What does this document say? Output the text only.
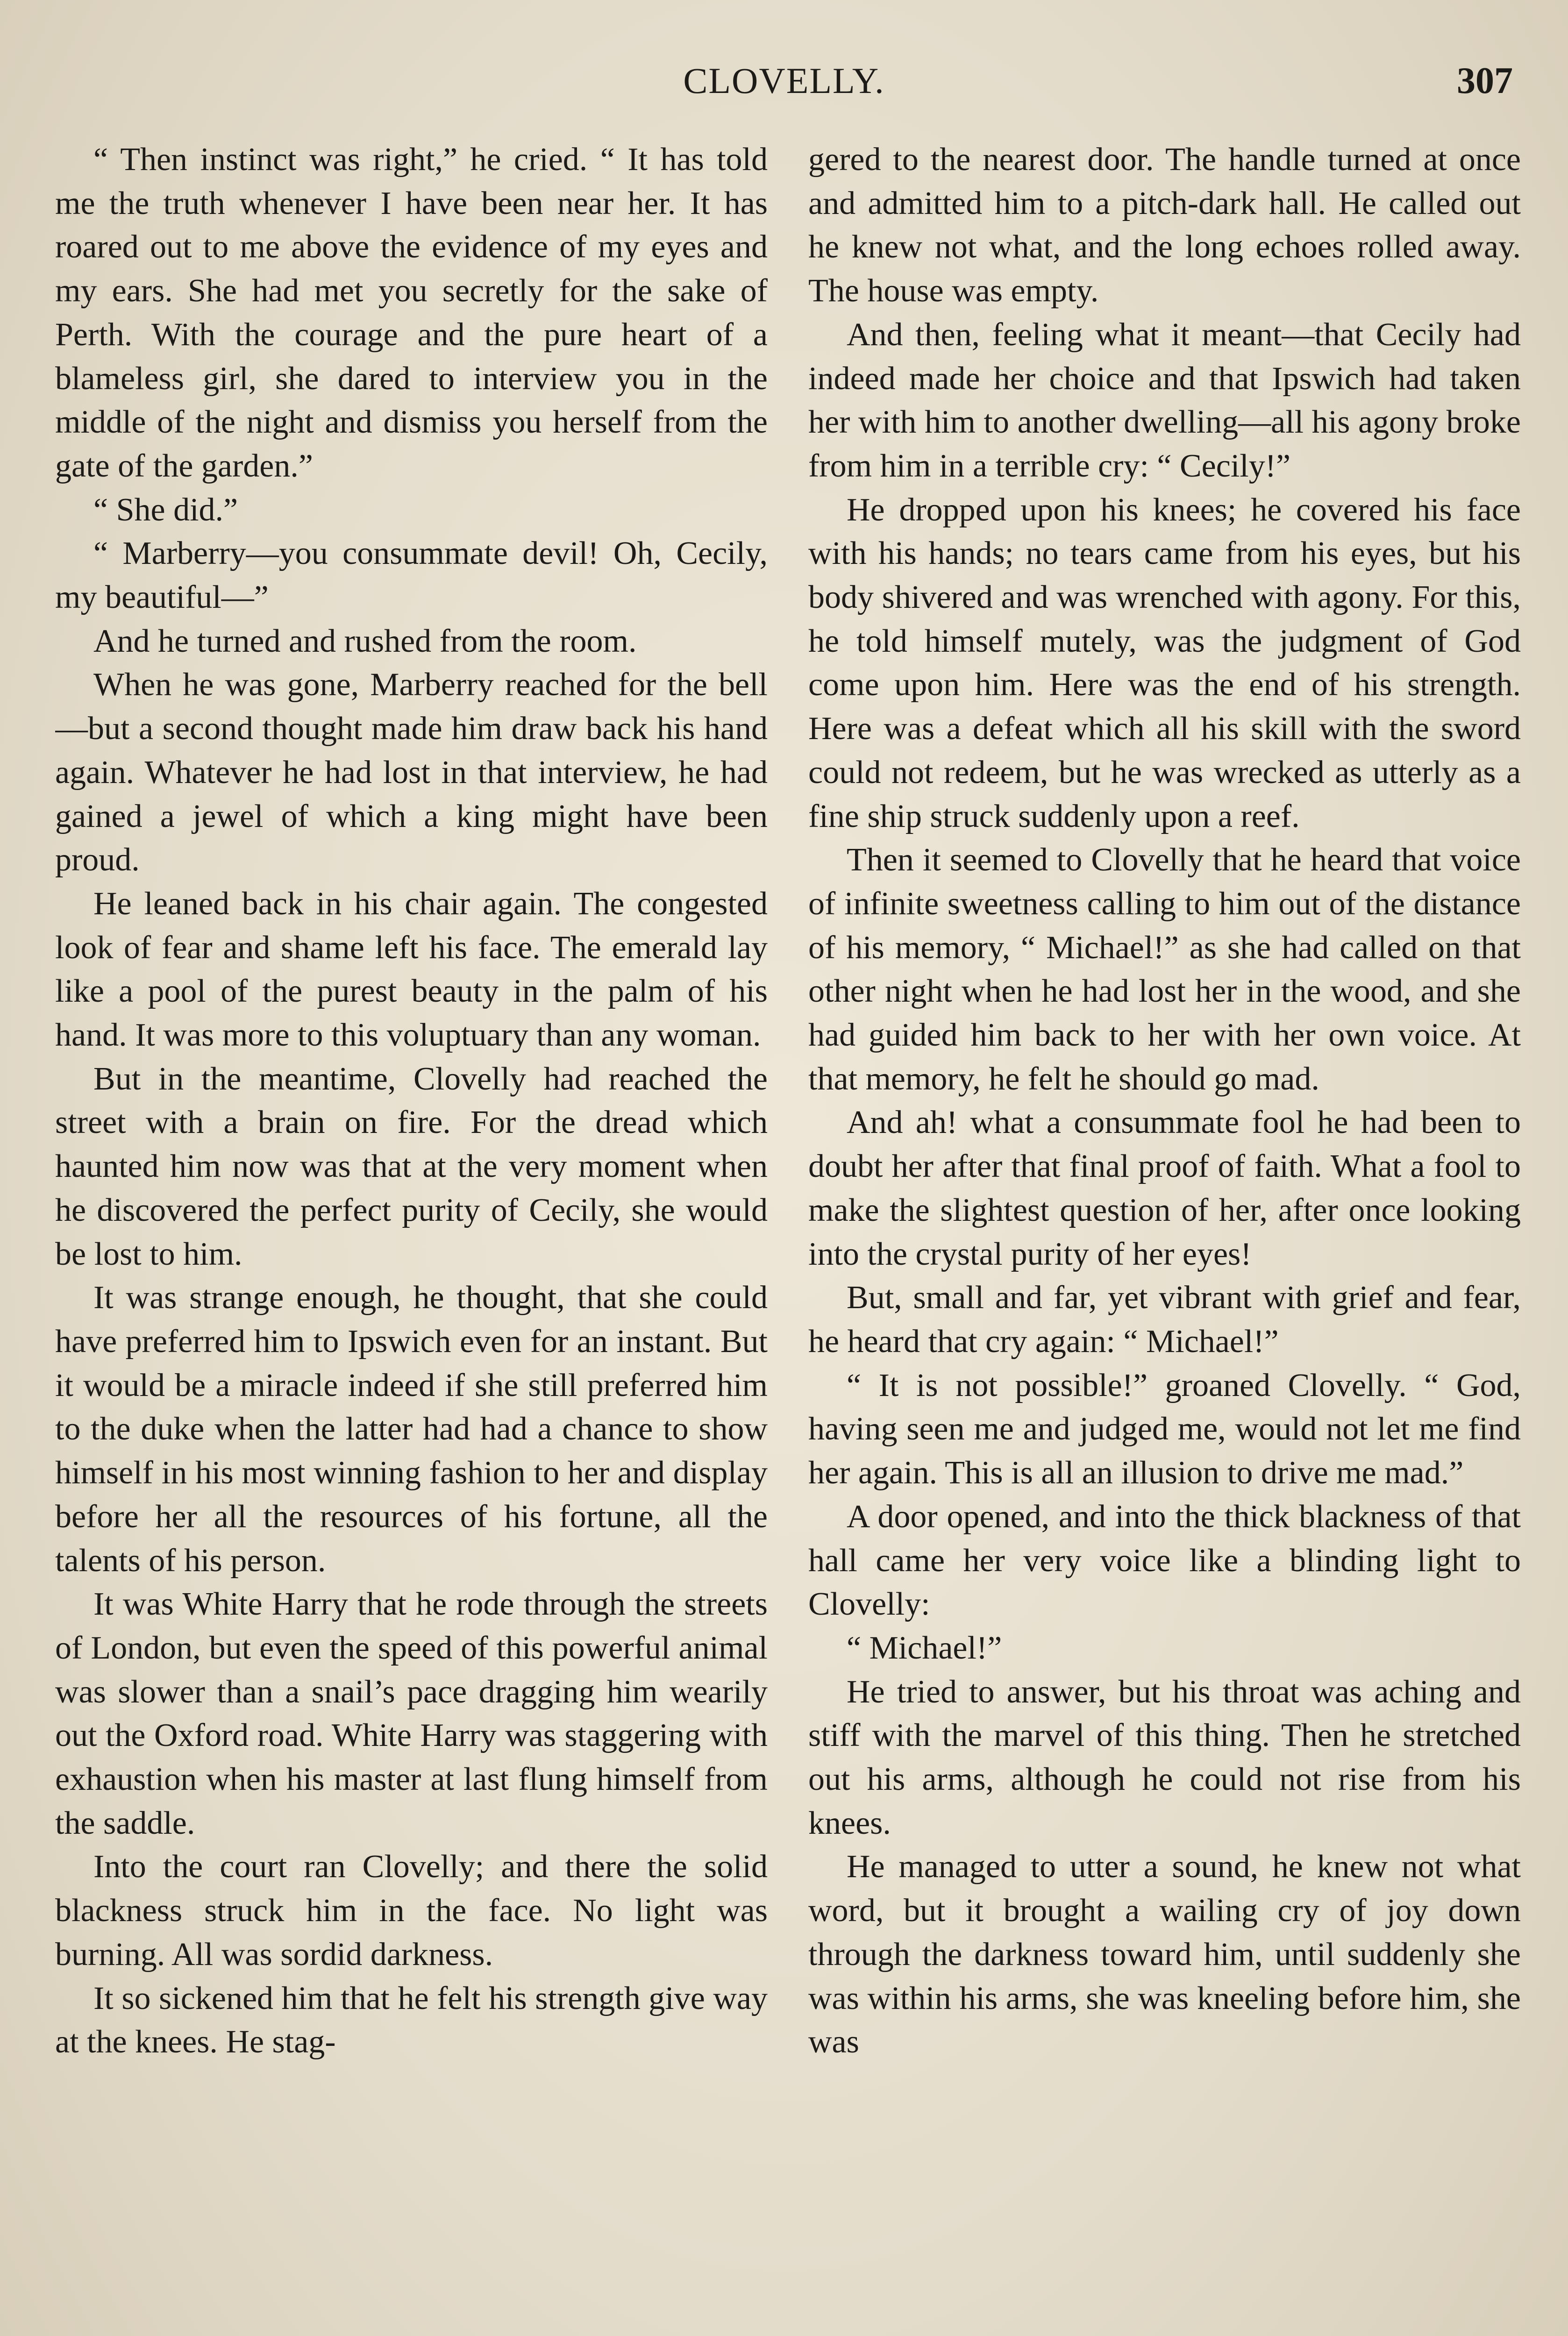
CLOVELLY.	307

“ Then instinct was right,” he cried. “ It has told me the truth whenever I have been near her. It has roared out to me above the evidence of my eyes and my ears. She had met you secretly for the sake of Perth. With the courage and the pure heart of a blameless girl, she dared to interview you in the middle of the night and dismiss you herself from the gate of the garden.”

“ She did.”

“ Marberry—you consummate devil! Oh, Cecily, my beautiful—”

And he turned and rushed from the room.

When he was gone, Marberry reached for the bell—but a second thought made him draw back his hand again. Whatever he had lost in that interview, he had gained a jewel of which a king might have been proud.

He leaned back in his chair again. The congested look of fear and shame left his face. The emerald lay like a pool of the purest beauty in the palm of his hand. It was more to this voluptuary than any woman.

But in the meantime, Clovelly had reached the street with a brain on fire. For the dread which haunted him now was that at the very moment when he discovered the perfect purity of Cecily, she would be lost to him.

It was strange enough, he thought, that she could have preferred him to Ipswich even for an instant. But it would be a miracle indeed if she still preferred him to the duke when the latter had had a chance to show himself in his most winning fashion to her and display before her all the resources of his fortune, all the talents of his person.

It was White Harry that he rode through the streets of London, but even the speed of this powerful animal was slower than a snail’s pace dragging him wearily out the Oxford road. White Harry was staggering with exhaustion when his master at last flung himself from the saddle.

Into the court ran Clovelly; and there the solid blackness struck him in the face. No light was burning. All was sordid darkness.

It so sickened him that he felt his strength give way at the knees. He stag-

gered to the nearest door. The handle turned at once and admitted him to a pitch-dark hall. He called out he knew not what, and the long echoes rolled away. The house was empty.

And then, feeling what it meant—that Cecily had indeed made her choice and that Ipswich had taken her with him to another dwelling—all his agony broke from him in a terrible cry: “ Cecily!”

He dropped upon his knees; he covered his face with his hands; no tears came from his eyes, but his body shivered and was wrenched with agony. For this, he told himself mutely, was the judgment of God come upon him. Here was the end of his strength. Here was a defeat which all his skill with the sword could not redeem, but he was wrecked as utterly as a fine ship struck suddenly upon a reef.

Then it seemed to Clovelly that he heard that voice of infinite sweetness calling to him out of the distance of his memory, “ Michael!” as she had called on that other night when he had lost her in the wood, and she had guided him back to her with her own voice. At that memory, he felt he should go mad.

And ah! what a consummate fool he had been to doubt her after that final proof of faith. What a fool to make the slightest question of her, after once looking into the crystal purity of her eyes!

But, small and far, yet vibrant with grief and fear, he heard that cry again: “ Michael!”

“ It is not possible!” groaned Clovelly. “ God, having seen me and judged me, would not let me find her again. This is all an illusion to drive me mad.”

A door opened, and into the thick blackness of that hall came her very voice like a blinding light to Clovelly:

“ Michael!”

He tried to answer, but his throat was aching and stiff with the marvel of this thing. Then he stretched out his arms, although he could not rise from his knees.

He managed to utter a sound, he knew not what word, but it brought a wailing cry of joy down through the darkness toward him, until suddenly she was within his arms, she was kneeling before him, she was
